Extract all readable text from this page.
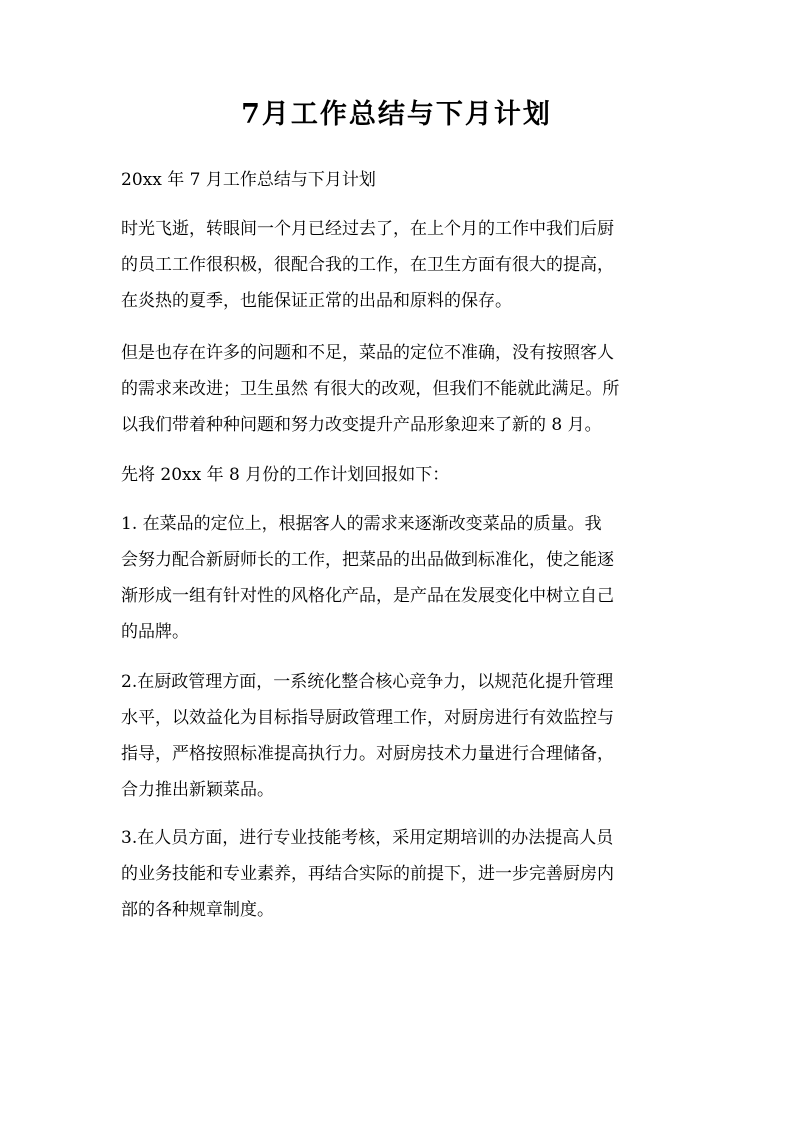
7月工作总结与下月计划

20xx 年 7 月工作总结与下月计划

时光飞逝，转眼间一个月已经过去了，在上个月的工作中我们后厨
的员工工作很积极，很配合我的工作，在卫生方面有很大的提高，
在炎热的夏季，也能保证正常的出品和原料的保存。

但是也存在许多的问题和不足，菜品的定位不准确，没有按照客人
的需求来改进；卫生虽然 有很大的改观，但我们不能就此满足。所
以我们带着种种问题和努力改变提升产品形象迎来了新的 8 月。

先将 20xx 年 8 月份的工作计划回报如下：

1. 在菜品的定位上，根据客人的需求来逐渐改变菜品的质量。我
会努力配合新厨师长的工作，把菜品的出品做到标准化，使之能逐
渐形成一组有针对性的风格化产品，是产品在发展变化中树立自己
的品牌。

2.在厨政管理方面，一系统化整合核心竞争力，以规范化提升管理
水平，以效益化为目标指导厨政管理工作，对厨房进行有效监控与
指导，严格按照标准提高执行力。对厨房技术力量进行合理储备，
合力推出新颖菜品。

3.在人员方面，进行专业技能考核，采用定期培训的办法提高人员
的业务技能和专业素养，再结合实际的前提下，进一步完善厨房内
部的各种规章制度。
